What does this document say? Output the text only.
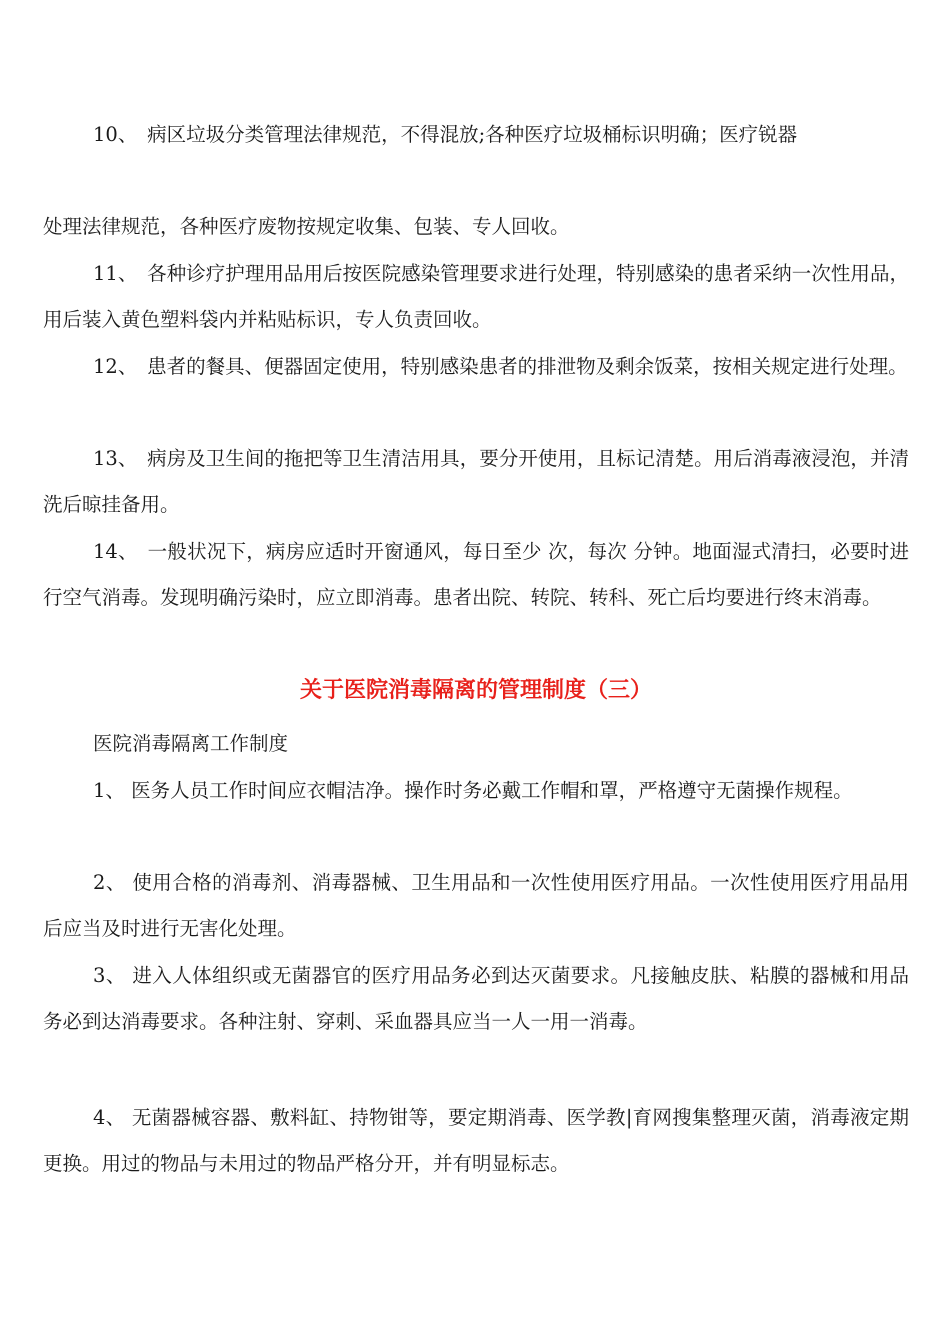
10、　病区垃圾分类管理法律规范，不得混放;各种医疗垃圾桶标识明确；医疗锐器

处理法律规范，各种医疗废物按规定收集、包装、专人回收。

11、　各种诊疗护理用品用后按医院感染管理要求进行处理，特别感染的患者采纳一次性用品，用后装入黄色塑料袋内并粘贴标识，专人负责回收。

12、　患者的餐具、便器固定使用，特别感染患者的排泄物及剩余饭菜，按相关规定进行处理。

13、　病房及卫生间的拖把等卫生清洁用具，要分开使用，且标记清楚。用后消毒液浸泡，并清洗后晾挂备用。

14、　一般状况下，病房应适时开窗通风，每日至少 次，每次 分钟。地面湿式清扫，必要时进行空气消毒。发现明确污染时，应立即消毒。患者出院、转院、转科、死亡后均要进行终末消毒。

关于医院消毒隔离的管理制度（三）

医院消毒隔离工作制度

1、 医务人员工作时间应衣帽洁净。操作时务必戴工作帽和罩，严格遵守无菌操作规程。

2、 使用合格的消毒剂、消毒器械、卫生用品和一次性使用医疗用品。一次性使用医疗用品用后应当及时进行无害化处理。

3、 进入人体组织或无菌器官的医疗用品务必到达灭菌要求。凡接触皮肤、粘膜的器械和用品务必到达消毒要求。各种注射、穿刺、采血器具应当一人一用一消毒。

4、 无菌器械容器、敷料缸、持物钳等，要定期消毒、医学教|育网搜集整理灭菌，消毒液定期更换。用过的物品与未用过的物品严格分开，并有明显标志。
